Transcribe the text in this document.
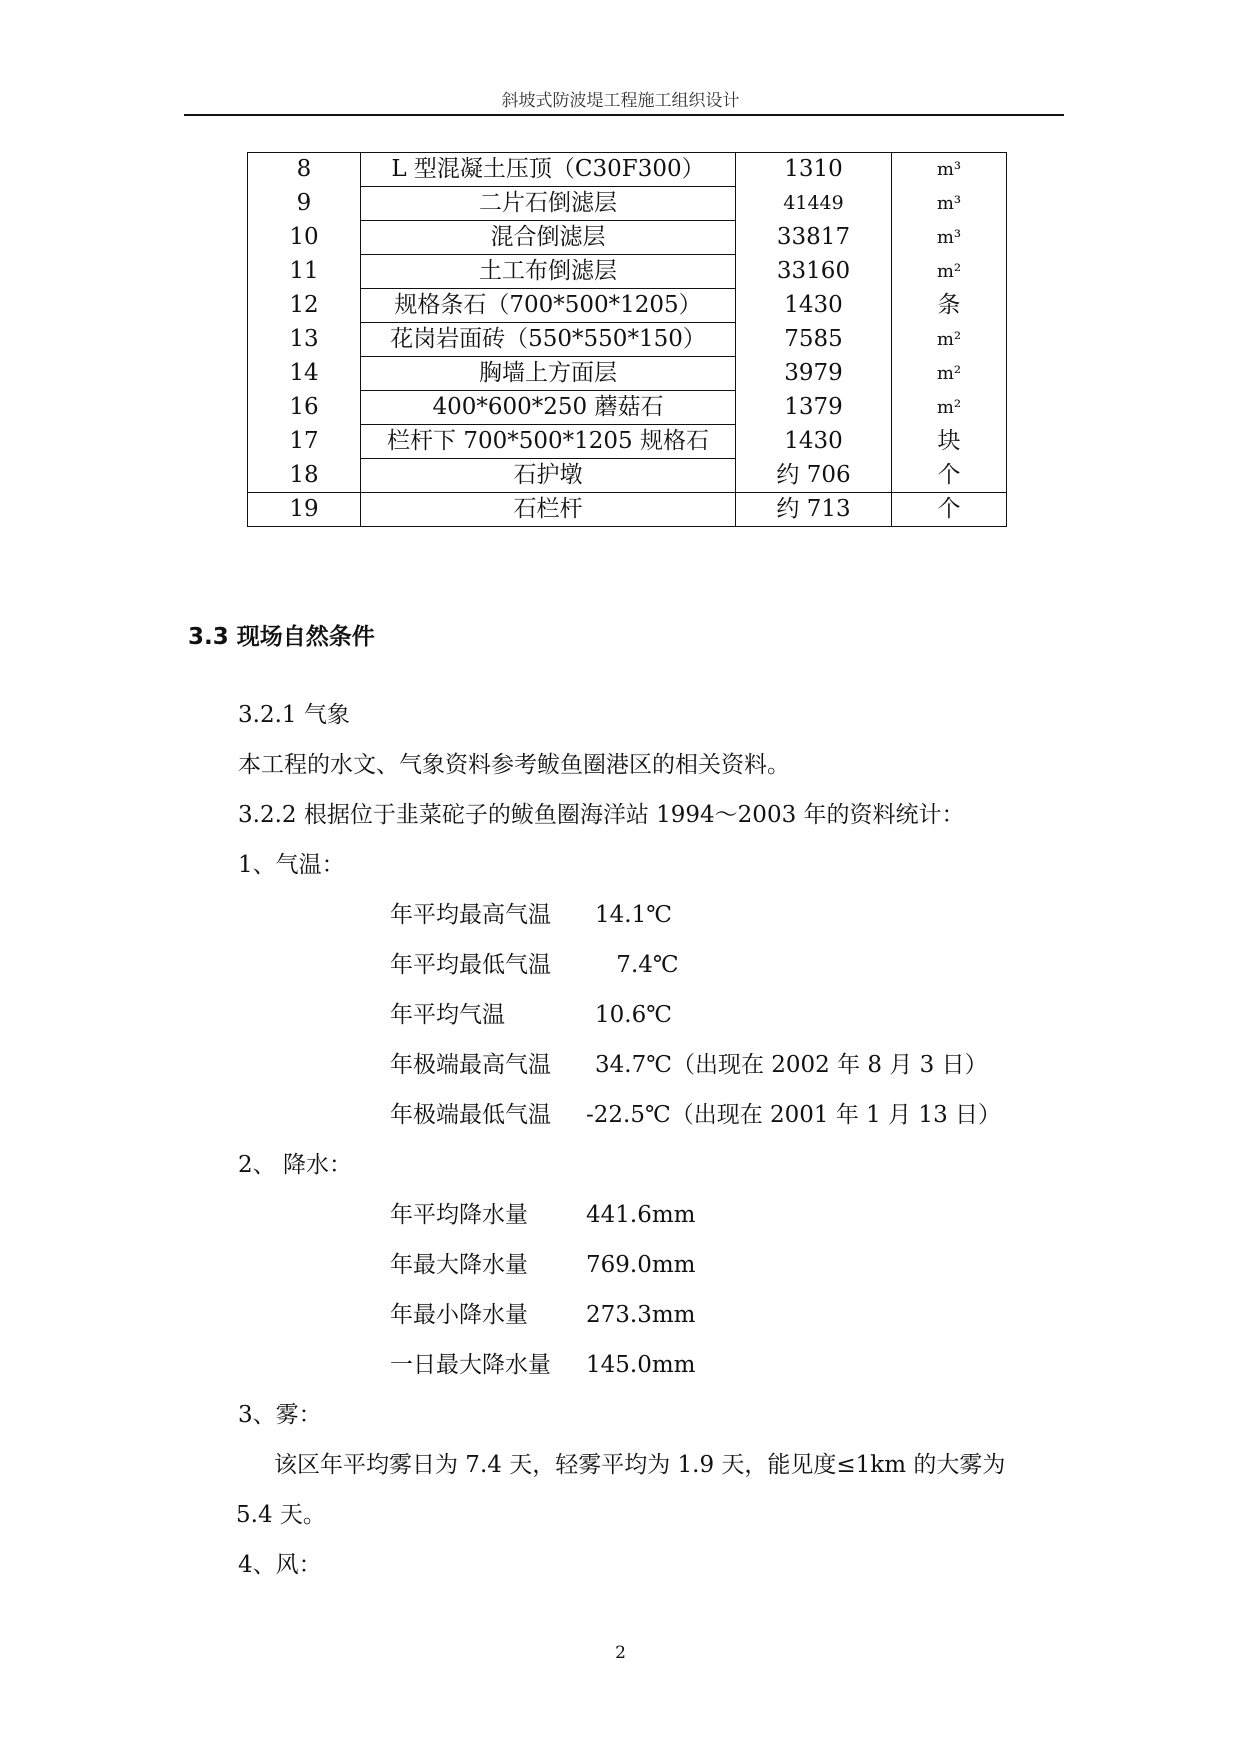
斜坡式防波堤工程施工组织设计
8	L 型混凝土压顶（C30F300）	1310	m³
9	二片石倒滤层	41449	m³
10	混合倒滤层	33817	m³
11	土工布倒滤层	33160	m²
12	规格条石（700*500*1205）	1430	条
13	花岗岩面砖（550*550*150）	7585	m²
14	胸墙上方面层	3979	m²
16	400*600*250 蘑菇石	1379	m²
17	栏杆下 700*500*1205 规格石	1430	块
18	石护墩	约 706	个
19	石栏杆	约 713	个
3.3 现场自然条件
3.2.1 气象
本工程的水文、气象资料参考鲅鱼圈港区的相关资料。
3.2.2 根据位于韭菜砣子的鲅鱼圈海洋站 1994～2003 年的资料统计：
1、气温：
年平均最高气温 14.1℃
年平均最低气温	7.4℃
年平均气温	10.6℃
年极端最高气温 34.7℃（出现在 2002 年 8 月 3 日）
年极端最低气温 -22.5℃（出现在 2001 年 1 月 13 日）
2、 降水：
年平均降水量	441.6mm
年最大降水量	769.0mm
年最小降水量	273.3mm
一日最大降水量 145.0mm
3、雾：
该区年平均雾日为 7.4 天，轻雾平均为 1.9 天，能见度≤1km 的大雾为
5.4 天。
4、风：
2
